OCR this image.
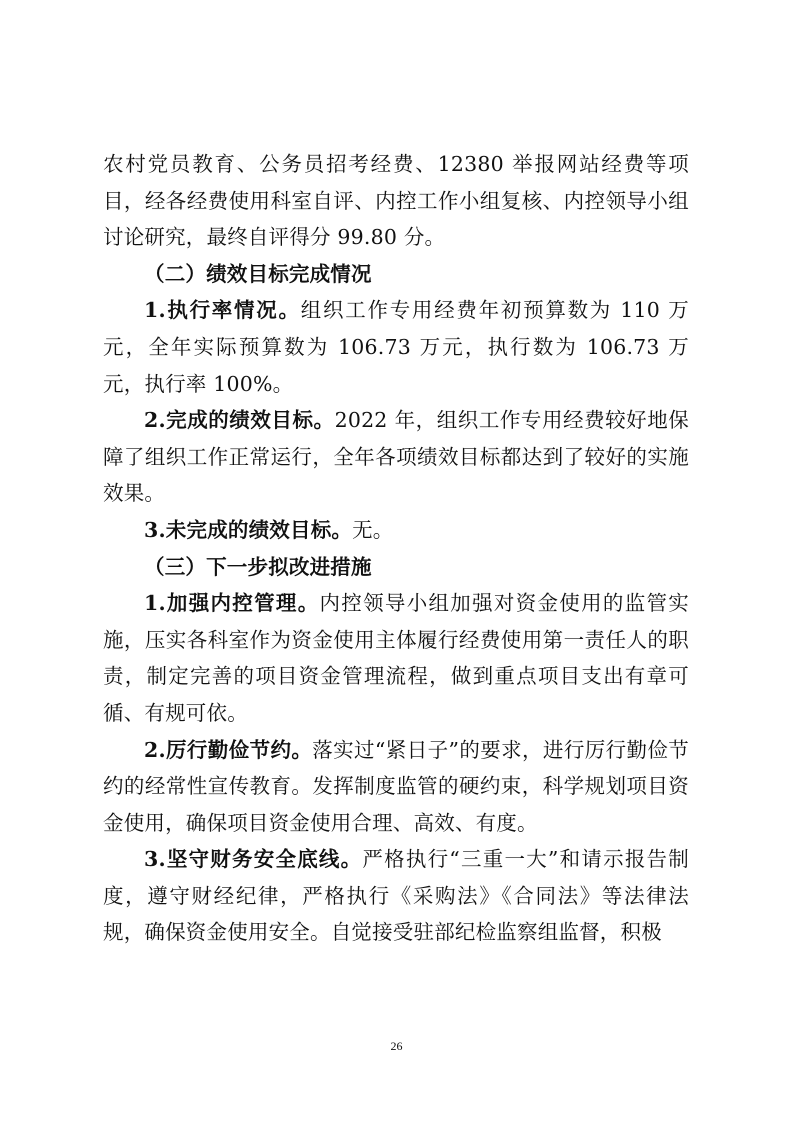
农村党员教育、公务员招考经费、12380 举报网站经费等项目，经各经费使用科室自评、内控工作小组复核、内控领导小组讨论研究，最终自评得分 99.80 分。

（二）绩效目标完成情况

1.执行率情况。组织工作专用经费年初预算数为 110 万元，全年实际预算数为 106.73 万元，执行数为 106.73 万元，执行率 100%。

2.完成的绩效目标。2022 年，组织工作专用经费较好地保障了组织工作正常运行，全年各项绩效目标都达到了较好的实施效果。

3.未完成的绩效目标。无。

（三）下一步拟改进措施

1.加强内控管理。内控领导小组加强对资金使用的监管实施，压实各科室作为资金使用主体履行经费使用第一责任人的职责，制定完善的项目资金管理流程，做到重点项目支出有章可循、有规可依。

2.厉行勤俭节约。落实过“紧日子”的要求，进行厉行勤俭节约的经常性宣传教育。发挥制度监管的硬约束，科学规划项目资金使用，确保项目资金使用合理、高效、有度。

3.坚守财务安全底线。严格执行“三重一大”和请示报告制度，遵守财经纪律，严格执行《采购法》《合同法》等法律法规，确保资金使用安全。自觉接受驻部纪检监察组监督，积极

26
